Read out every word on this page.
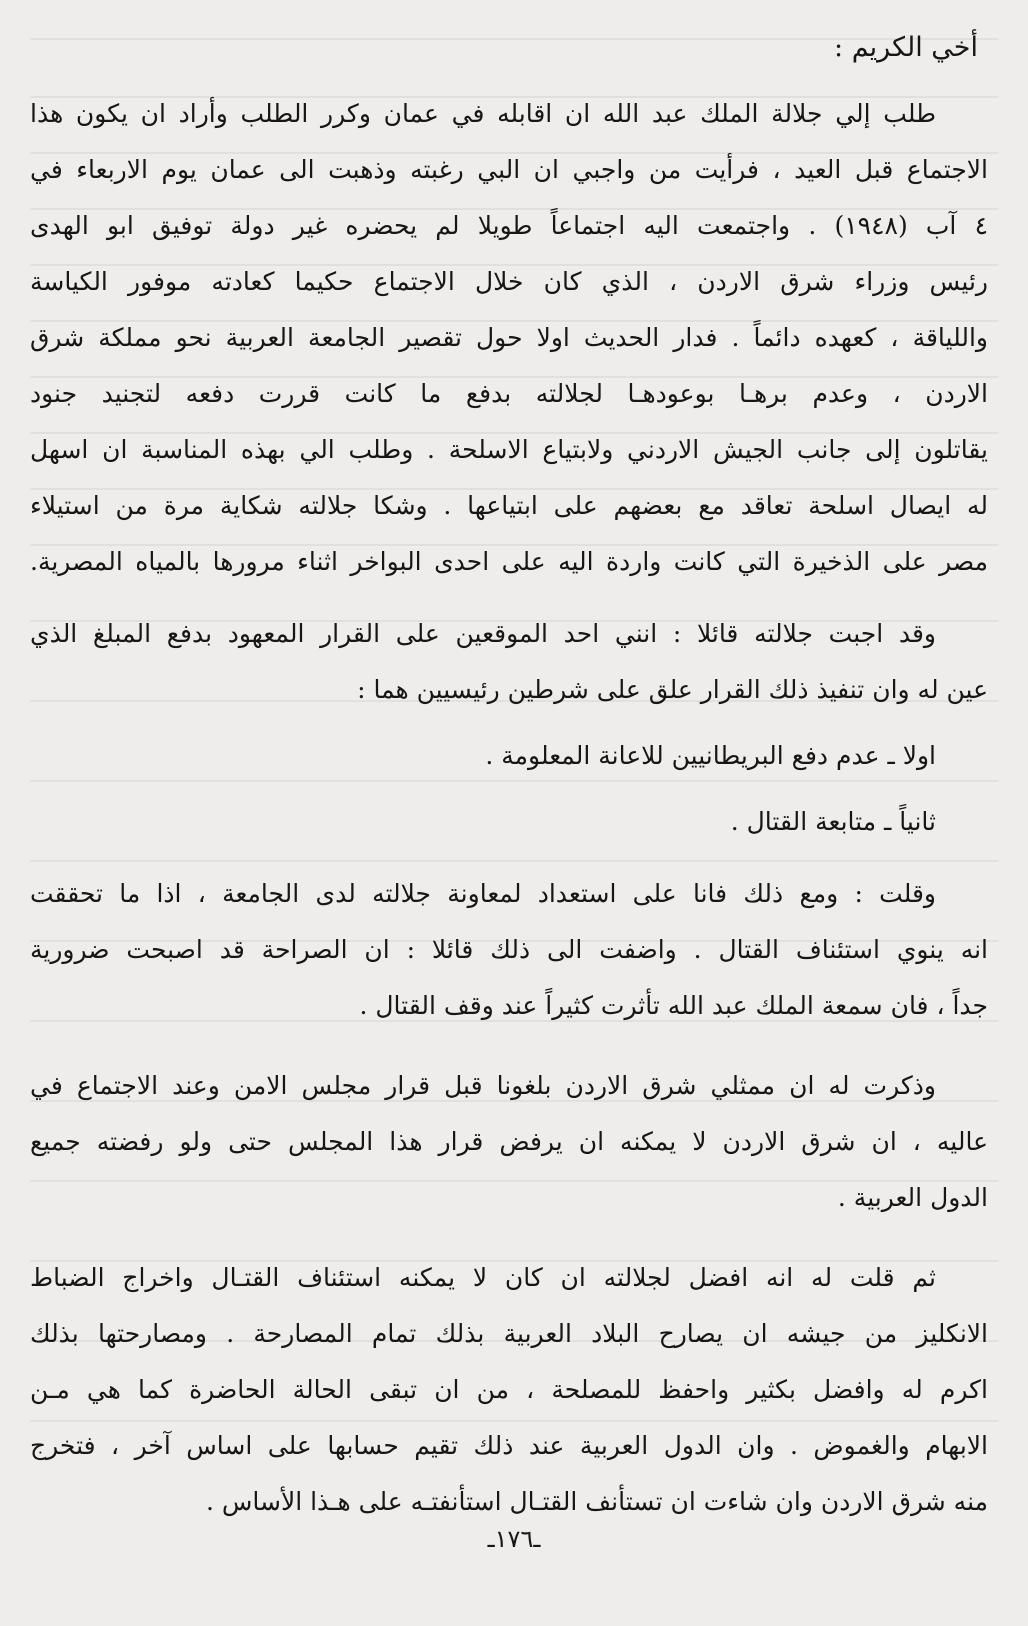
أخي الكريم :
طلب إلي جلالة الملك عبد الله ان اقابله في عمان وكرر الطلب وأراد ان يكون هذا
الاجتماع قبل العيد ، فرأيت من واجبي ان البي رغبته وذهبت الى عمان يوم الاربعاء في
٤ آب (١٩٤٨) . واجتمعت اليه اجتماعاً طويلا لم يحضره غير دولة توفيق ابو الهدى
رئيس وزراء شرق الاردن ، الذي كان خلال الاجتماع حكيما كعادته موفور الكياسة
واللياقة ، كعهده دائماً . فدار الحديث اولا حول تقصير الجامعة العربية نحو مملكة شرق
الاردن ، وعدم برهـا بوعودهـا لجلالته بدفع ما كانت قررت دفعه لتجنيد جنود
يقاتلون إلى جانب الجيش الاردني ولابتياع الاسلحة . وطلب الي بهذه المناسبة ان اسهل
له ايصال اسلحة تعاقد مع بعضهم على ابتياعها . وشكا جلالته شكاية مرة من استيلاء
مصر على الذخيرة التي كانت واردة اليه على احدى البواخر اثناء مرورها بالمياه المصرية.
وقد اجبت جلالته قائلا : انني احد الموقعين على القرار المعهود بدفع المبلغ الذي
عين له وان تنفيذ ذلك القرار علق على شرطين رئيسيين هما :
اولا ـ عدم دفع البريطانيين للاعانة المعلومة .
ثانياً ـ متابعة القتال .
وقلت : ومع ذلك فانا على استعداد لمعاونة جلالته لدى الجامعة ، اذا ما تحققت
انه ينوي استئناف القتال . واضفت الى ذلك قائلا : ان الصراحة قد اصبحت ضرورية
جداً ، فان سمعة الملك عبد الله تأثرت كثيراً عند وقف القتال .
وذكرت له ان ممثلي شرق الاردن بلغونا قبل قرار مجلس الامن وعند الاجتماع في
عاليه ، ان شرق الاردن لا يمكنه ان يرفض قرار هذا المجلس حتى ولو رفضته جميع
الدول العربية .
ثم قلت له انه افضل لجلالته ان كان لا يمكنه استئناف القتـال واخراج الضباط
الانكليز من جيشه ان يصارح البلاد العربية بذلك تمام المصارحة . ومصارحتها بذلك
اكرم له وافضل بكثير واحفظ للمصلحة ، من ان تبقى الحالة الحاضرة كما هي مـن
الابهام والغموض . وان الدول العربية عند ذلك تقيم حسابها على اساس آخر ، فتخرج
منه شرق الاردن وان شاءت ان تستأنف القتـال استأنفتـه على هـذا الأساس .
ـ١٧٦ـ
